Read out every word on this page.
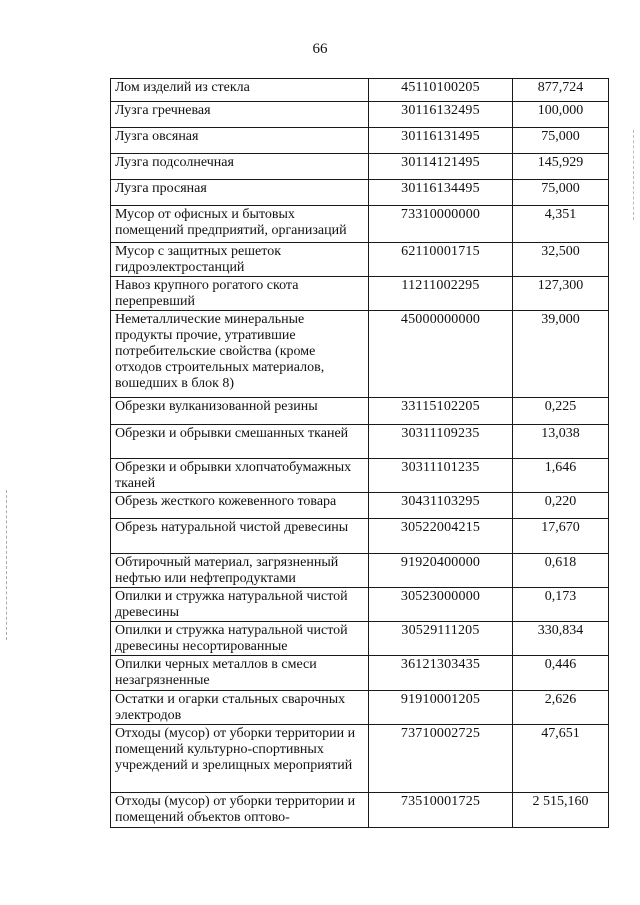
66
Лом изделий из стекла	45110100205	877,724
Лузга гречневая	30116132495	100,000
Лузга овсяная	30116131495	75,000
Лузга подсолнечная	30114121495	145,929
Лузга просяная	30116134495	75,000
Мусор от офисных и бытовых помещений предприятий, организаций	73310000000	4,351
Мусор с защитных решеток гидроэлектростанций	62110001715	32,500
Навоз крупного рогатого скота перепревший	11211002295	127,300
Неметаллические минеральные продукты прочие, утратившие потребительские свойства (кроме отходов строительных материалов, вошедших в блок 8)	45000000000	39,000
Обрезки вулканизованной резины	33115102205	0,225
Обрезки и обрывки смешанных тканей	30311109235	13,038
Обрезки и обрывки хлопчатобумажных тканей	30311101235	1,646
Обрезь жесткого кожевенного товара	30431103295	0,220
Обрезь натуральной чистой древесины	30522004215	17,670
Обтирочный материал, загрязненный нефтью или нефтепродуктами	91920400000	0,618
Опилки и стружка натуральной чистой древесины	30523000000	0,173
Опилки и стружка натуральной чистой древесины несортированные	30529111205	330,834
Опилки черных металлов в смеси незагрязненные	36121303435	0,446
Остатки и огарки стальных сварочных электродов	91910001205	2,626
Отходы (мусор) от уборки территории и помещений культурно-спортивных учреждений и зрелищных мероприятий	73710002725	47,651
Отходы (мусор) от уборки территории и помещений объектов оптово-	73510001725	2 515,160
